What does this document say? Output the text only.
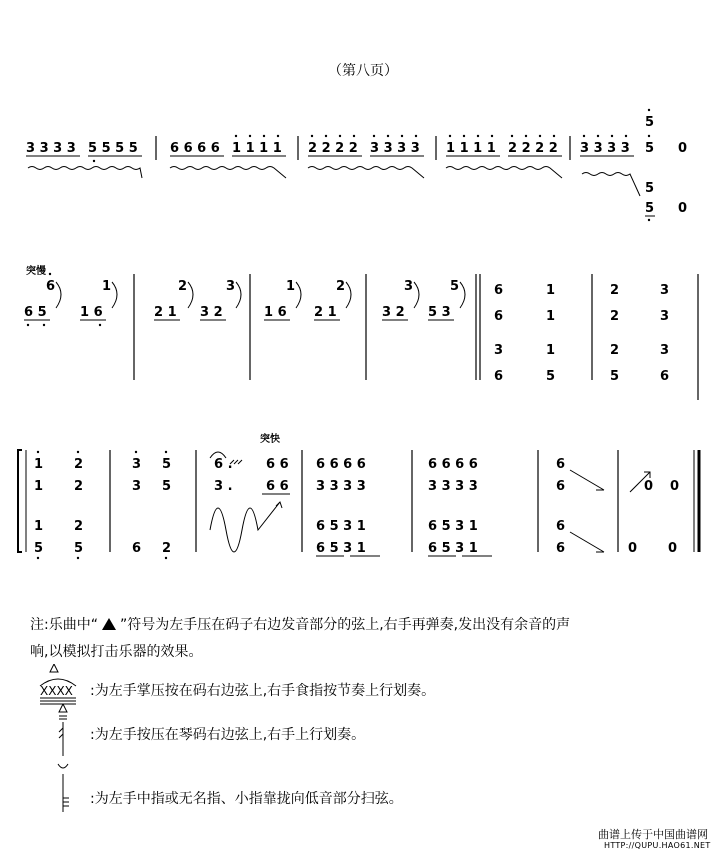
（第八页）
3 3 3 3 5 5 5 5 6 6 6 6 1 1 1 1 2 2 2 2 3 3 3 3 1 1 1 1 2 2 2 2 3 3 3 3
5
5 0
5
5 0
突慢
6	1
6 5	1 6
2	3
2 1 3 2
1	2
1 6 2 1
3	5
3 2 5 3
6
6
3
6
1
1
1
5
2
2
2
5
3
3
3
6
突快
1 2
1 2
1 2
5 5
3 5
3 5
6 2
6 .	6 6
3 .	6 6
6 6 6 6
3 3 3 3
6 5 3 1
6 5 3 1
6 6 6 6
3 3 3 3
6 5 3 1
6 5 3 1
6
6
6
6
0 0
0 0
注:乐曲中“ ”符号为左手压在码子右边发音部分的弦上,右手再弹奏,发出没有余音的声
响,以模拟打击乐器的效果。
XXXX :为左手掌压按在码右边弦上,右手食指按节奏上行划奏。
:为左手按压在琴码右边弦上,右手上行划奏。
:为左手中指或无名指、小指靠拢向低音部分扫弦。
曲谱上传于中国曲谱网
HTTP://QUPU.HAO61.NET
